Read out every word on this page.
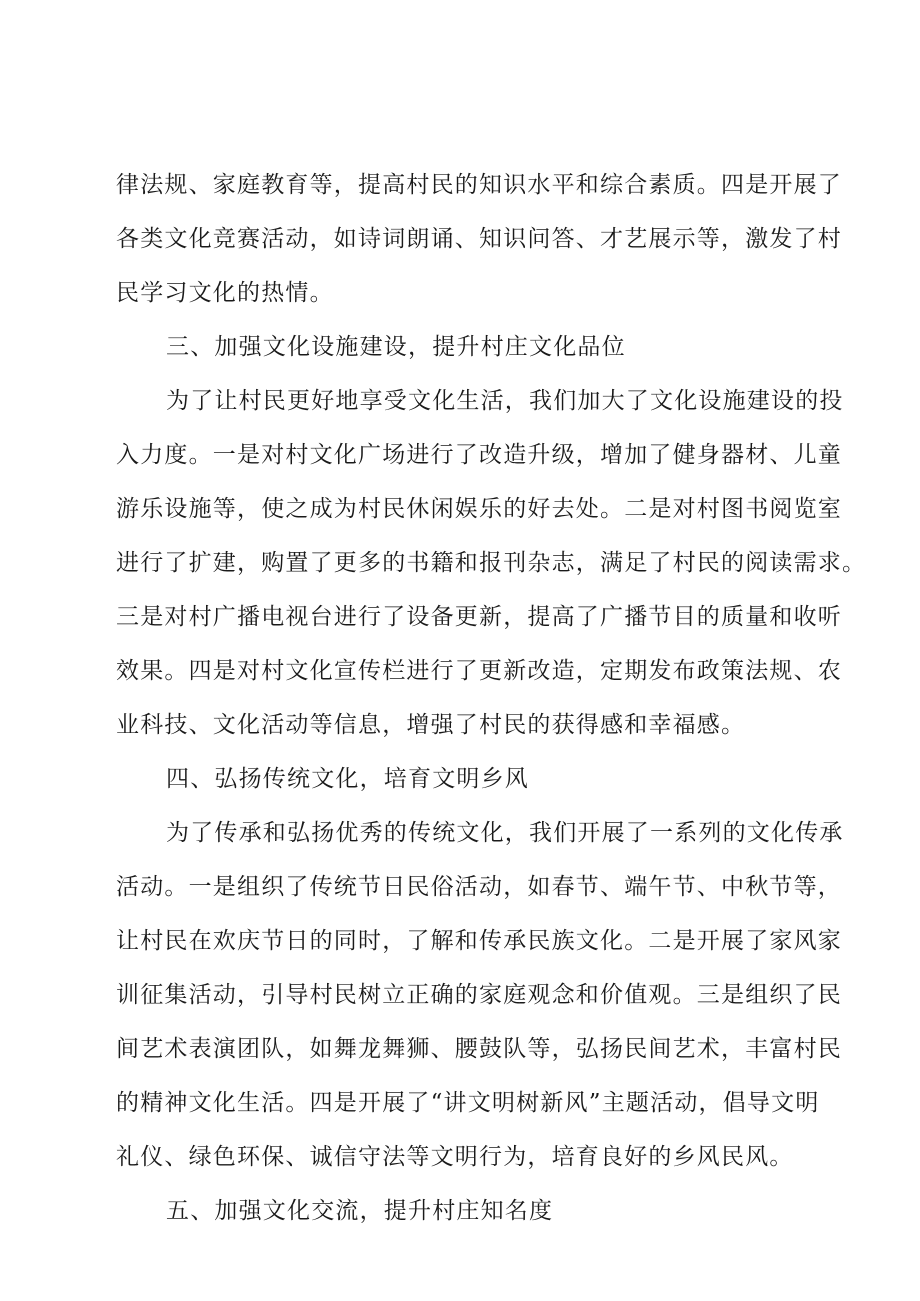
律法规、家庭教育等，提高村民的知识水平和综合素质。四是开展了
各类文化竞赛活动，如诗词朗诵、知识问答、才艺展示等，激发了村
民学习文化的热情。
三、加强文化设施建设，提升村庄文化品位
为了让村民更好地享受文化生活，我们加大了文化设施建设的投
入力度。一是对村文化广场进行了改造升级，增加了健身器材、儿童
游乐设施等，使之成为村民休闲娱乐的好去处。二是对村图书阅览室
进行了扩建，购置了更多的书籍和报刊杂志，满足了村民的阅读需求。
三是对村广播电视台进行了设备更新，提高了广播节目的质量和收听
效果。四是对村文化宣传栏进行了更新改造，定期发布政策法规、农
业科技、文化活动等信息，增强了村民的获得感和幸福感。
四、弘扬传统文化，培育文明乡风
为了传承和弘扬优秀的传统文化，我们开展了一系列的文化传承
活动。一是组织了传统节日民俗活动，如春节、端午节、中秋节等，
让村民在欢庆节日的同时，了解和传承民族文化。二是开展了家风家
训征集活动，引导村民树立正确的家庭观念和价值观。三是组织了民
间艺术表演团队，如舞龙舞狮、腰鼓队等，弘扬民间艺术，丰富村民
的精神文化生活。四是开展了“讲文明树新风”主题活动，倡导文明
礼仪、绿色环保、诚信守法等文明行为，培育良好的乡风民风。
五、加强文化交流，提升村庄知名度
